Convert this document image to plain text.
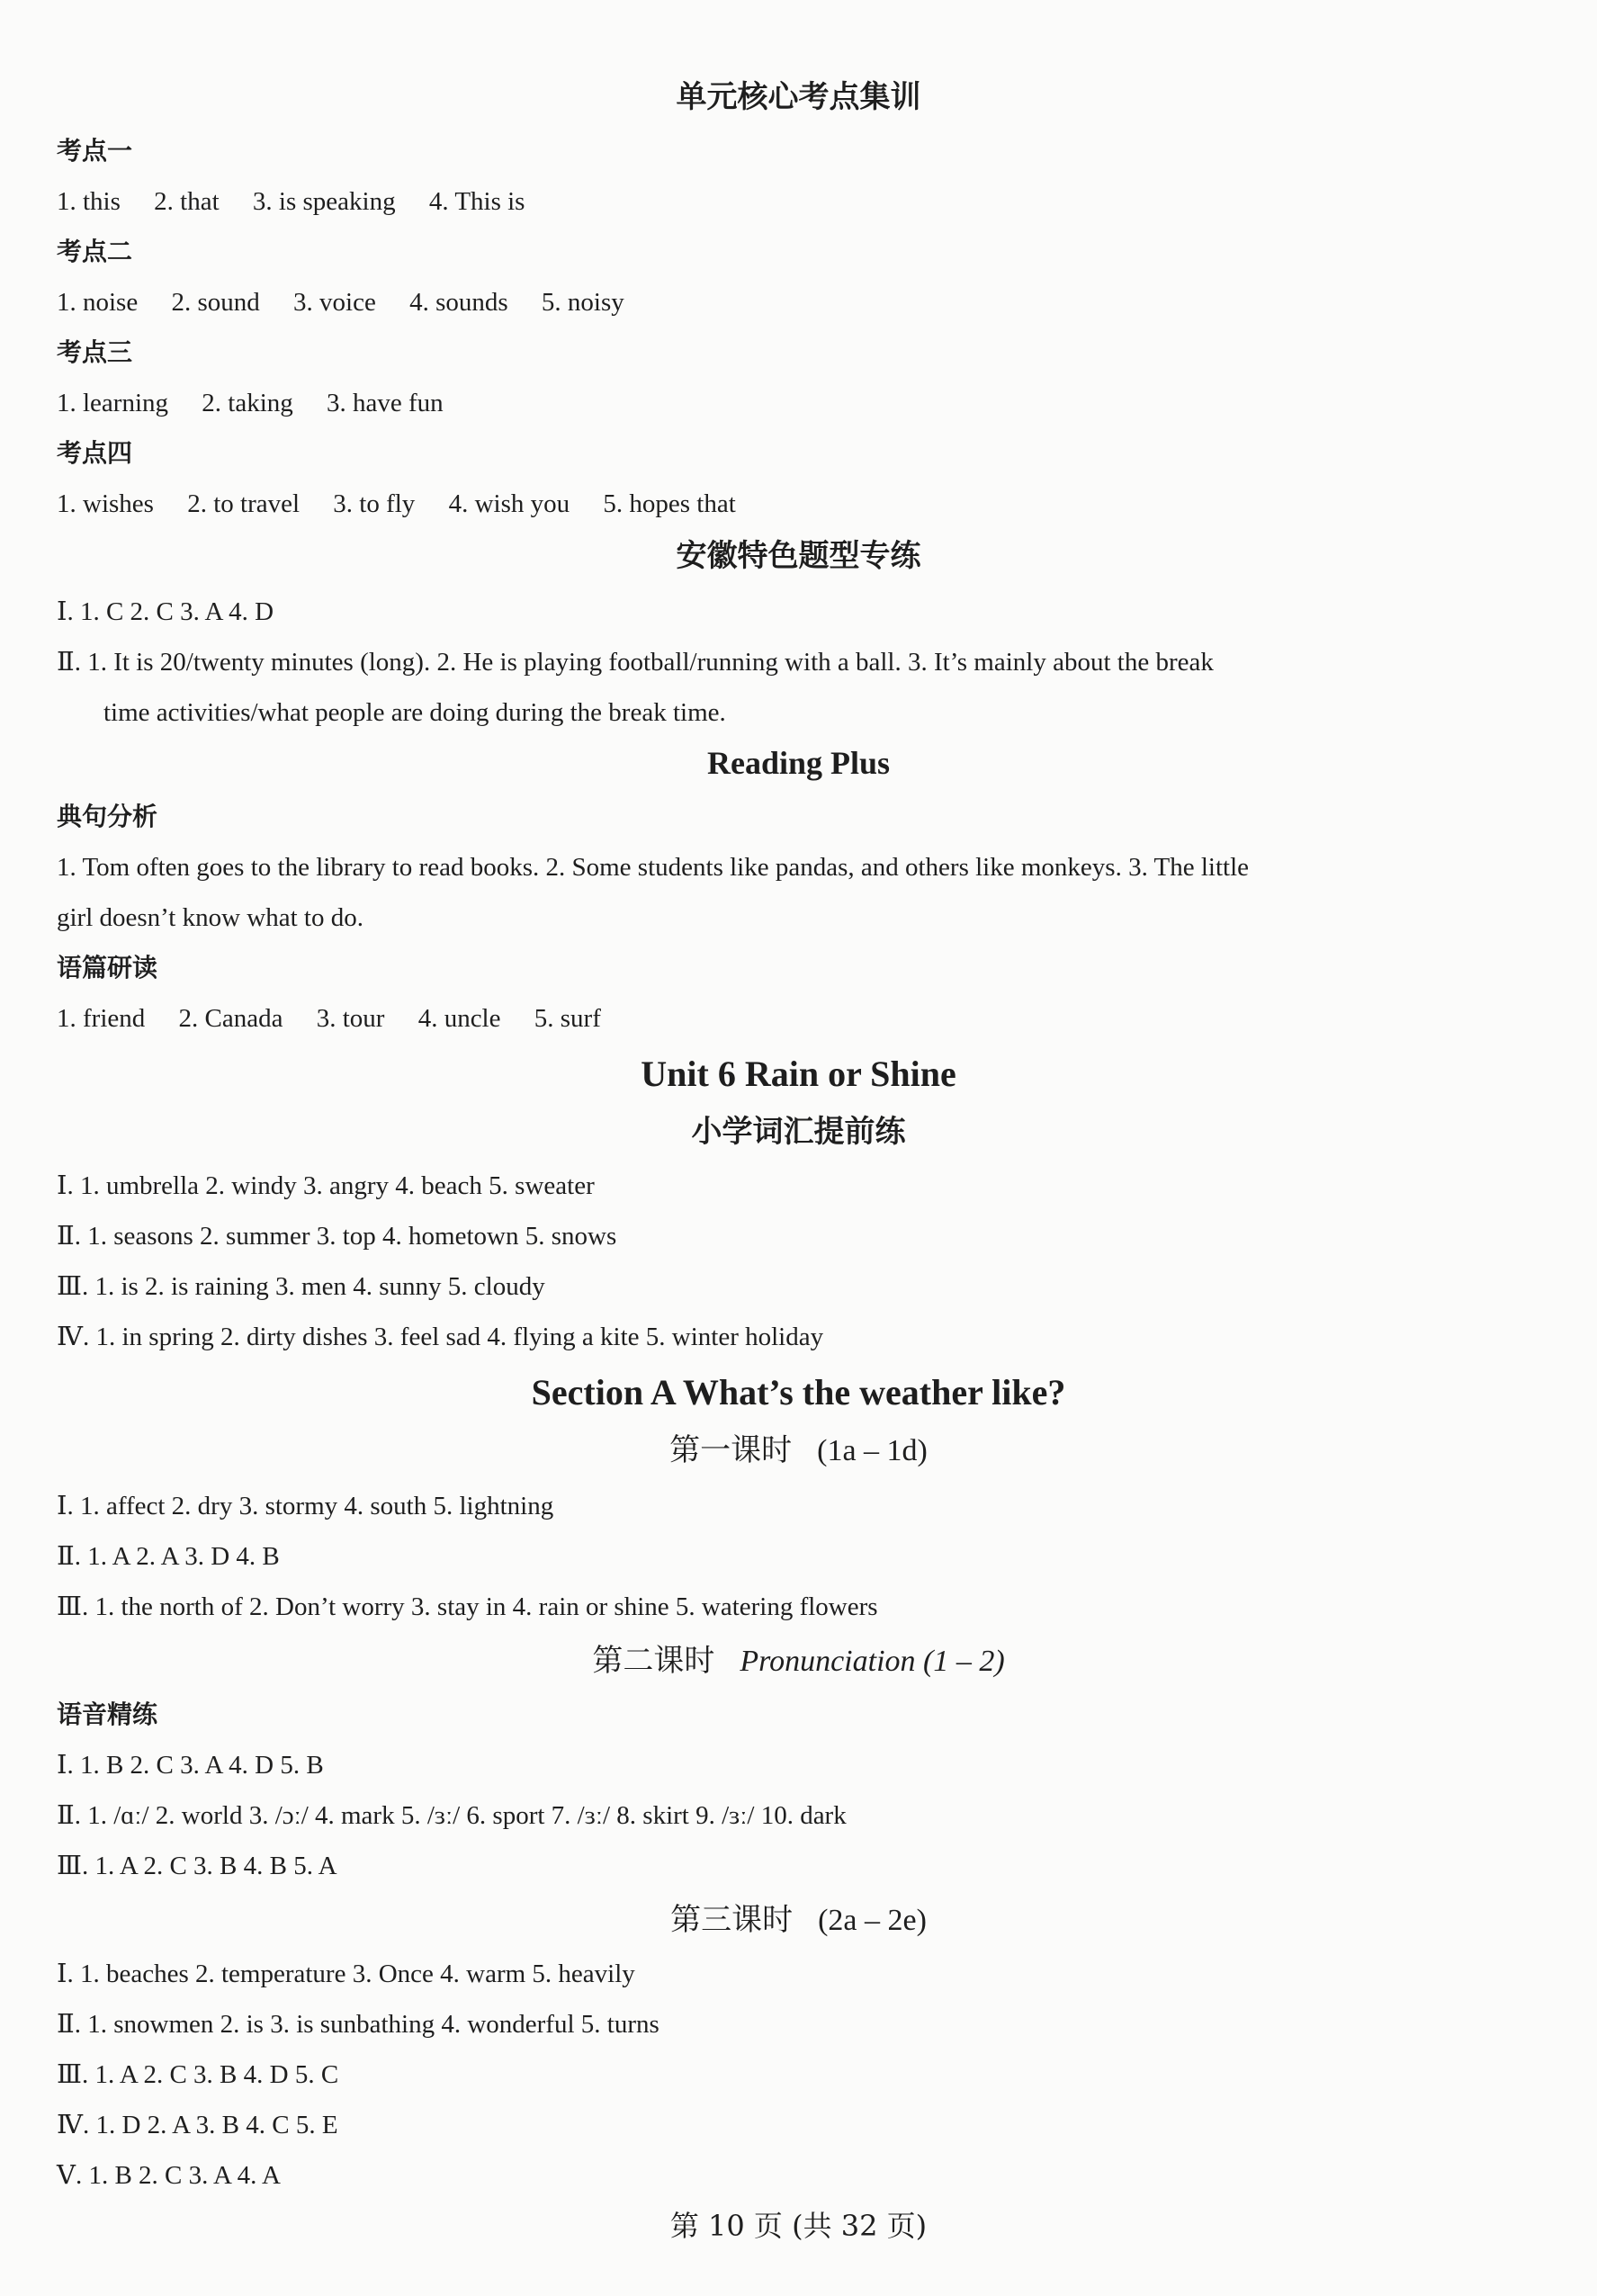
单元核心考点集训
考点一
1. this 2. that 3. is speaking 4. This is
考点二
1. noise 2. sound 3. voice 4. sounds 5. noisy
考点三
1. learning 2. taking 3. have fun
考点四
1. wishes 2. to travel 3. to fly 4. wish you 5. hopes that
安徽特色题型专练
Ⅰ. 1. C 2. C 3. A 4. D
Ⅱ. 1. It is 20/twenty minutes (long). 2. He is playing football/running with a ball. 3. It’s mainly about the break
time activities/what people are doing during the break time.
Reading Plus
典句分析
1. Tom often goes to the library to read books. 2. Some students like pandas, and others like monkeys. 3. The little
girl doesn’t know what to do.
语篇研读
1. friend 2. Canada 3. tour 4. uncle 5. surf
Unit 6 Rain or Shine
小学词汇提前练
Ⅰ. 1. umbrella 2. windy 3. angry 4. beach 5. sweater
Ⅱ. 1. seasons 2. summer 3. top 4. hometown 5. snows
Ⅲ. 1. is 2. is raining 3. men 4. sunny 5. cloudy
Ⅳ. 1. in spring 2. dirty dishes 3. feel sad 4. flying a kite 5. winter holiday
Section A What’s the weather like?
第一课时 (1a – 1d)
Ⅰ. 1. affect 2. dry 3. stormy 4. south 5. lightning
Ⅱ. 1. A 2. A 3. D 4. B
Ⅲ. 1. the north of 2. Don’t worry 3. stay in 4. rain or shine 5. watering flowers
第二课时 Pronunciation (1 – 2)
语音精练
Ⅰ. 1. B 2. C 3. A 4. D 5. B
Ⅱ. 1. /ɑː/ 2. world 3. /ɔː/ 4. mark 5. /ɜː/ 6. sport 7. /ɜː/ 8. skirt 9. /ɜː/ 10. dark
Ⅲ. 1. A 2. C 3. B 4. B 5. A
第三课时 (2a – 2e)
Ⅰ. 1. beaches 2. temperature 3. Once 4. warm 5. heavily
Ⅱ. 1. snowmen 2. is 3. is sunbathing 4. wonderful 5. turns
Ⅲ. 1. A 2. C 3. B 4. D 5. C
Ⅳ. 1. D 2. A 3. B 4. C 5. E
Ⅴ. 1. B 2. C 3. A 4. A
第 10 页 (共 32 页)
